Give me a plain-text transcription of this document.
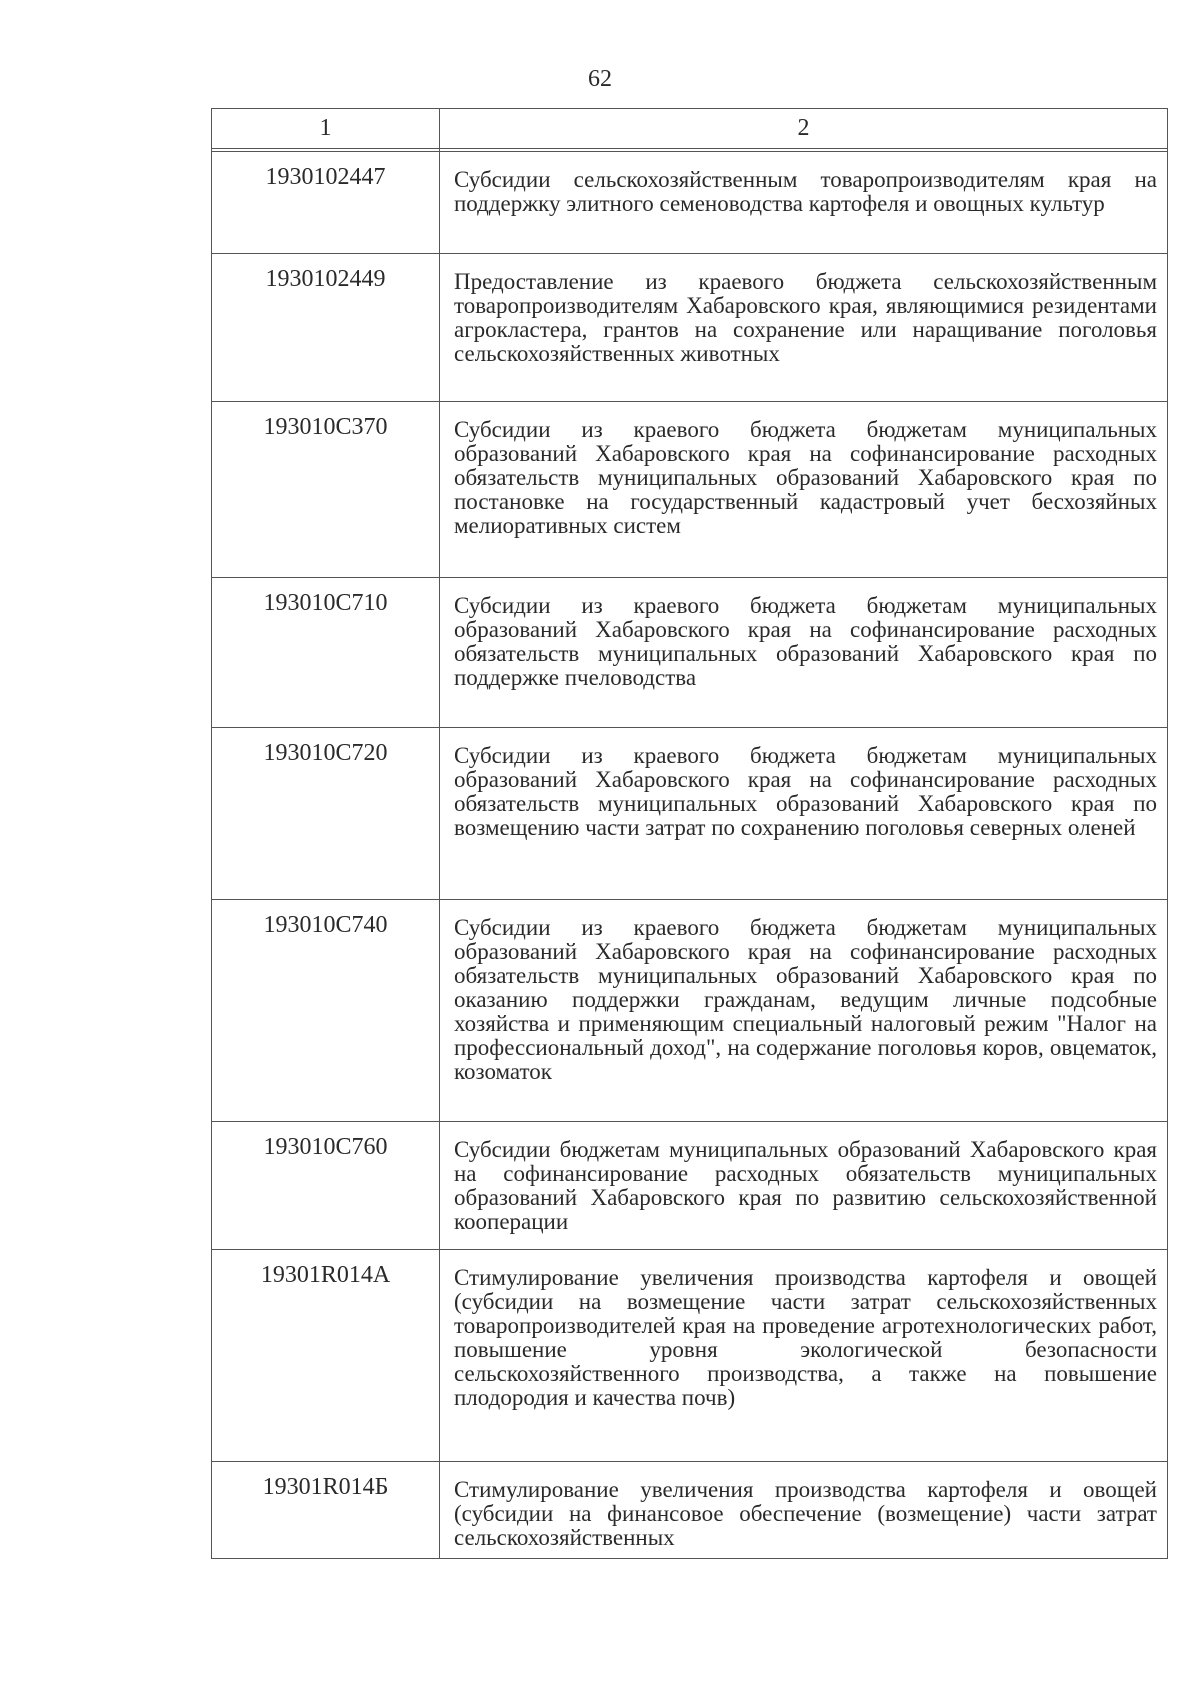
62
1	2

1930102447	Субсидии сельскохозяйственным товаропроизводителям края на поддержку элитного семеноводства картофеля и овощных культур
1930102449	Предоставление из краевого бюджета сельскохозяйственным товаропроизводителям Хабаровского края, являющимися резидентами агрокластера, грантов на сохранение или наращивание поголовья сельскохозяйственных животных
193010С370	Субсидии из краевого бюджета бюджетам муниципальных образований Хабаровского края на софинансирование расходных обязательств муниципальных образований Хабаровского края по постановке на государственный кадастровый учет бесхозяйных мелиоративных систем
193010С710	Субсидии из краевого бюджета бюджетам муниципальных образований Хабаровского края на софинансирование расходных обязательств муниципальных образований Хабаровского края по поддержке пчеловодства
193010С720	Субсидии из краевого бюджета бюджетам муниципальных образований Хабаровского края на софинансирование расходных обязательств муниципальных образований Хабаровского края по возмещению части затрат по сохранению поголовья северных оленей
193010С740	Субсидии из краевого бюджета бюджетам муниципальных образований Хабаровского края на софинансирование расходных обязательств муниципальных образований Хабаровского края по оказанию поддержки гражданам, ведущим личные подсобные хозяйства и применяющим специальный налоговый режим "Налог на профессиональный доход", на содержание поголовья коров, овцематок, козоматок
193010С760	Субсидии бюджетам муниципальных образований Хабаровского края на софинансирование расходных обязательств муниципальных образований Хабаровского края по развитию сельскохозяйственной кооперации
19301R014A	Стимулирование увеличения производства картофеля и овощей (субсидии на возмещение части затрат сельскохозяйственных товаропроизводителей края на проведение агротехнологических работ, повышение уровня экологической безопасности сельскохозяйственного производства, а также на повышение плодородия и качества почв)
19301R014Б	Стимулирование увеличения производства картофеля и овощей (субсидии на финансовое обеспечение (возмещение) части затрат сельскохозяйственных
